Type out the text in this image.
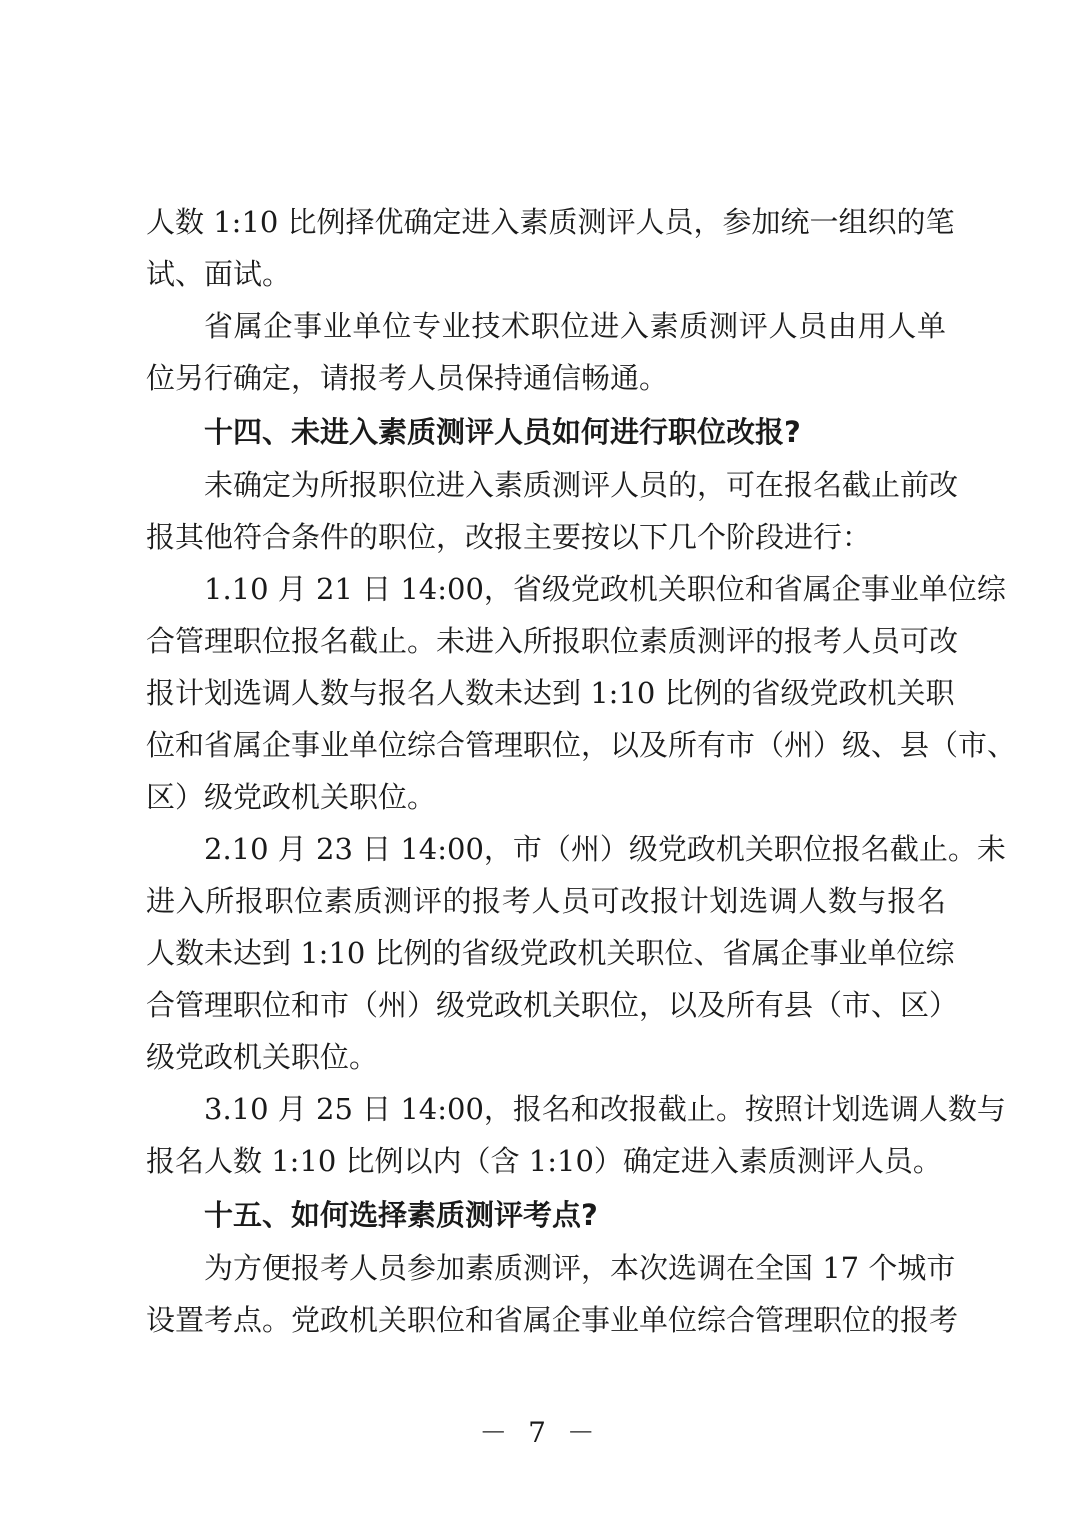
人数 1:10 比例择优确定进入素质测评人员，参加统一组织的笔
试、面试。
省属企事业单位专业技术职位进入素质测评人员由用人单
位另行确定，请报考人员保持通信畅通。
十四、未进入素质测评人员如何进行职位改报?
未确定为所报职位进入素质测评人员的，可在报名截止前改
报其他符合条件的职位，改报主要按以下几个阶段进行：
1.10 月 21 日 14:00，省级党政机关职位和省属企事业单位综
合管理职位报名截止。未进入所报职位素质测评的报考人员可改
报计划选调人数与报名人数未达到 1:10 比例的省级党政机关职
位和省属企事业单位综合管理职位，以及所有市（州）级、县（市、
区）级党政机关职位。
2.10 月 23 日 14:00，市（州）级党政机关职位报名截止。未
进入所报职位素质测评的报考人员可改报计划选调人数与报名
人数未达到 1:10 比例的省级党政机关职位、省属企事业单位综
合管理职位和市（州）级党政机关职位，以及所有县（市、区）
级党政机关职位。
3.10 月 25 日 14:00，报名和改报截止。按照计划选调人数与
报名人数 1:10 比例以内（含 1:10）确定进入素质测评人员。
十五、如何选择素质测评考点?
为方便报考人员参加素质测评，本次选调在全国 17 个城市
设置考点。党政机关职位和省属企事业单位综合管理职位的报考
－ 7 －
